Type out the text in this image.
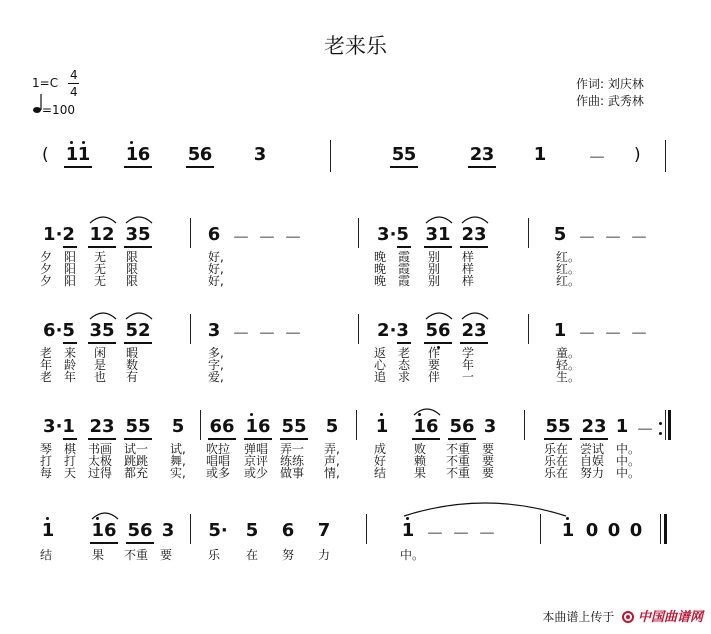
老来乐
1=C
4
4
=100
作词: 刘庆林
作曲: 武秀林
( 1 1 1 6 5 6 3	5 5	2 3 1 － )
1·2 12 35	6 － － －	3·5 31 23	5 － － －
夕 阳 无 限	好,	晚 霞 别 样	红。
夕 阳 无 限	好,	晚 霞 别 样	红。
夕 阳 无 限	好,	晚 霞 别 样	红。
6·5 35 52	3 － － －	2·3 56 23	1 － － －
老 来 闲 暇	多,	返 老 作 学	童。
年 龄 是 数	字,	心 态 要 年	轻。
老 年 也 有	爱,	追 求 伴 一	生。
3·1 23 55 5 66 16 55 5 1 16 56 3	55 23 1 －
琴 棋 书画 试一 试, 吹拉 弹唱 弄一 弄,	成 败 不重 要	乐在 尝试 中。
打 打 太极 跳跳 舞, 唱唱 京评 练练 声,	好 赖 不重 要	乐在 自娱 中。
每 天 过得 都充 实, 或多 或少 做事 情,	结 果 不重 要	乐在 努力 中。
1 16 56 3 5· 5 6 7	1 － － －	1 0 0 0
结	果 不重 要	乐 在 努 力	中。
本曲谱上传于 中国曲谱网
